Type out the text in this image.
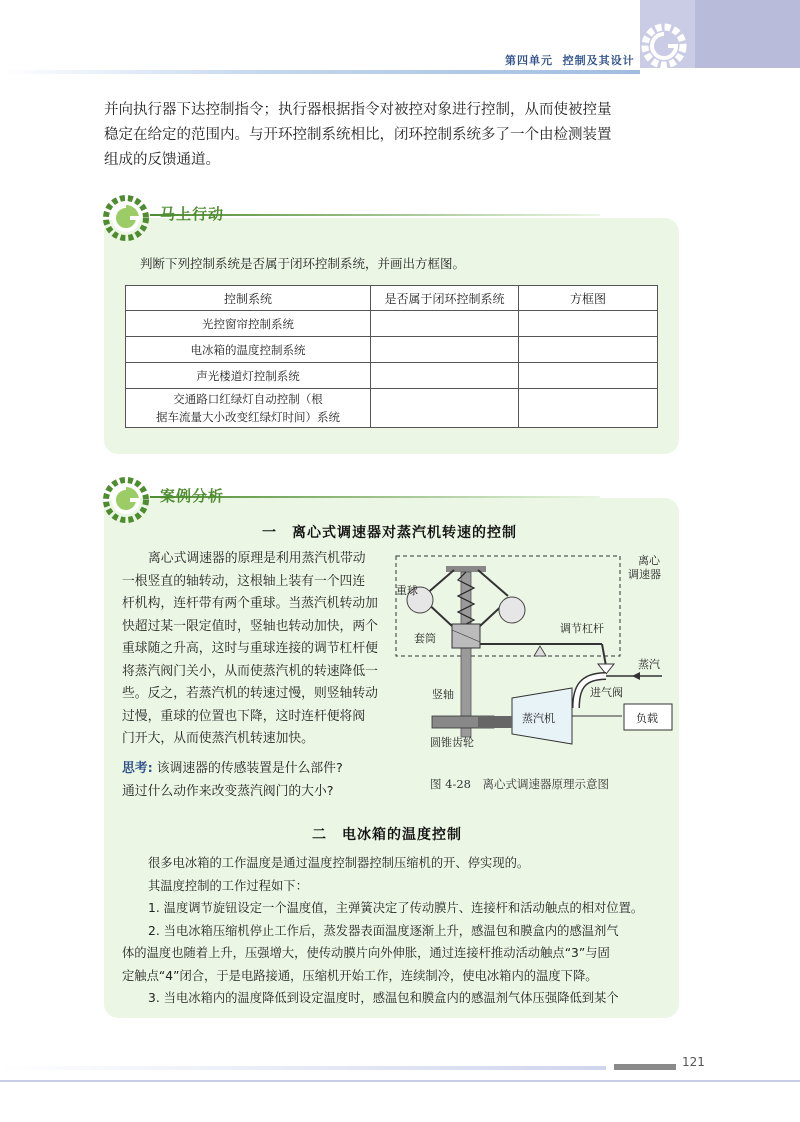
第四单元 控制及其设计
并向执行器下达控制指令；执行器根据指令对被控对象进行控制，从而使被控量
稳定在给定的范围内。与开环控制系统相比，闭环控制系统多了一个由检测装置
组成的反馈通道。
马上行动
判断下列控制系统是否属于闭环控制系统，并画出方框图。
控制系统	是否属于闭环控制系统	方框图
光控窗帘控制系统		
电冰箱的温度控制系统		
声光楼道灯控制系统		

交通路口红绿灯自动控制（根
据车流量大小改变红绿灯时间）系统		

案例分析
一　离心式调速器对蒸汽机转速的控制
离心式调速器的原理是利用蒸汽机带动
一根竖直的轴转动，这根轴上装有一个四连
杆机构，连杆带有两个重球。当蒸汽机转动加
快超过某一限定值时，竖轴也转动加快，两个
重球随之升高，这时与重球连接的调节杠杆便
将蒸汽阀门关小，从而使蒸汽机的转速降低一
些。反之，若蒸汽机的转速过慢，则竖轴转动
过慢，重球的位置也下降，这时连杆便将阀
门开大，从而使蒸汽机转速加快。
思考: 该调速器的传感装置是什么部件?
通过什么动作来改变蒸汽阀门的大小?
离心
调速器
重球
套筒
调节杠杆
蒸汽
进气阀
竖轴
蒸汽机	负载
圆锥齿轮
图 4-28　离心式调速器原理示意图
二　电冰箱的温度控制
很多电冰箱的工作温度是通过温度控制器控制压缩机的开、停实现的。
其温度控制的工作过程如下：
1. 温度调节旋钮设定一个温度值，主弹簧决定了传动膜片、连接杆和活动触点的相对位置。
2. 当电冰箱压缩机停止工作后，蒸发器表面温度逐渐上升，感温包和膜盒内的感温剂气
体的温度也随着上升，压强增大，使传动膜片向外伸胀，通过连接杆推动活动触点“3”与固
定触点“4”闭合，于是电路接通，压缩机开始工作，连续制冷，使电冰箱内的温度下降。
3. 当电冰箱内的温度降低到设定温度时，感温包和膜盒内的感温剂气体压强降低到某个
121
